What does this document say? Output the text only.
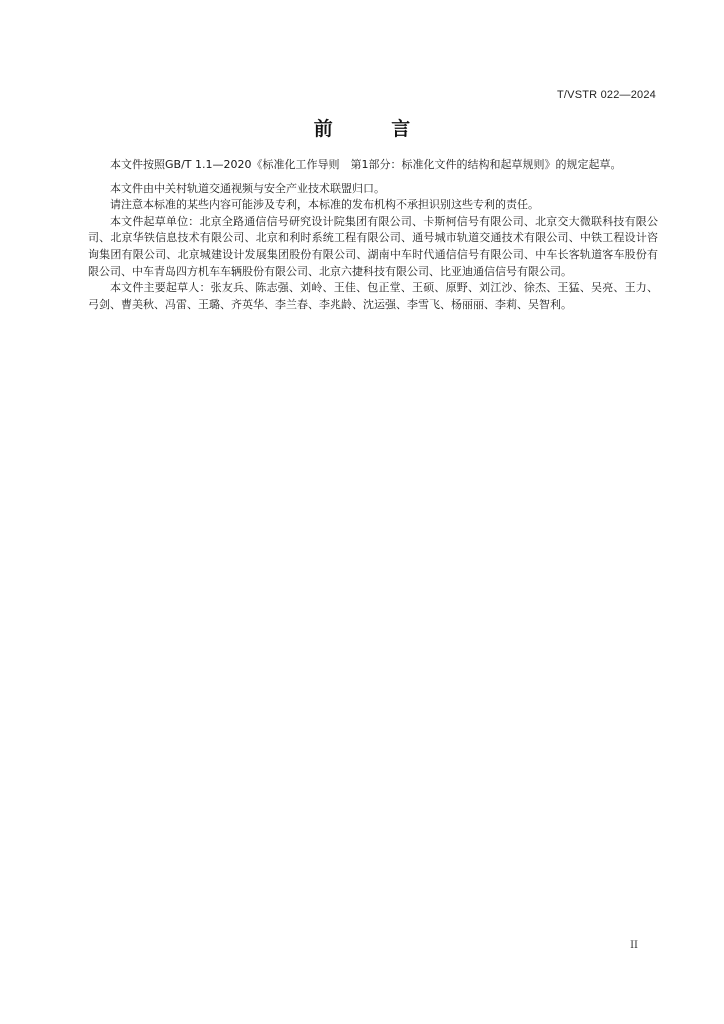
T/VSTR 022—2024
前 言

本文件按照GB/T 1.1—2020《标准化工作导则　第1部分：标准化文件的结构和起草规则》的规定起草。

本文件由中关村轨道交通视频与安全产业技术联盟归口。

请注意本标准的某些内容可能涉及专利，本标准的发布机构不承担识别这些专利的责任。

本文件起草单位：北京全路通信信号研究设计院集团有限公司、卡斯柯信号有限公司、北京交大微联科技有限公司、北京华铁信息技术有限公司、北京和利时系统工程有限公司、通号城市轨道交通技术有限公司、中铁工程设计咨询集团有限公司、北京城建设计发展集团股份有限公司、湖南中车时代通信信号有限公司、中车长客轨道客车股份有限公司、中车青岛四方机车车辆股份有限公司、北京六捷科技有限公司、比亚迪通信信号有限公司。

本文件主要起草人：张友兵、陈志强、刘岭、王佳、包正堂、王硕、原野、刘江沙、徐杰、王猛、吴亮、王力、弓剑、曹美秋、冯雷、王璐、齐英华、李兰春、李兆龄、沈运强、李雪飞、杨丽丽、李莉、吴智利。

II
